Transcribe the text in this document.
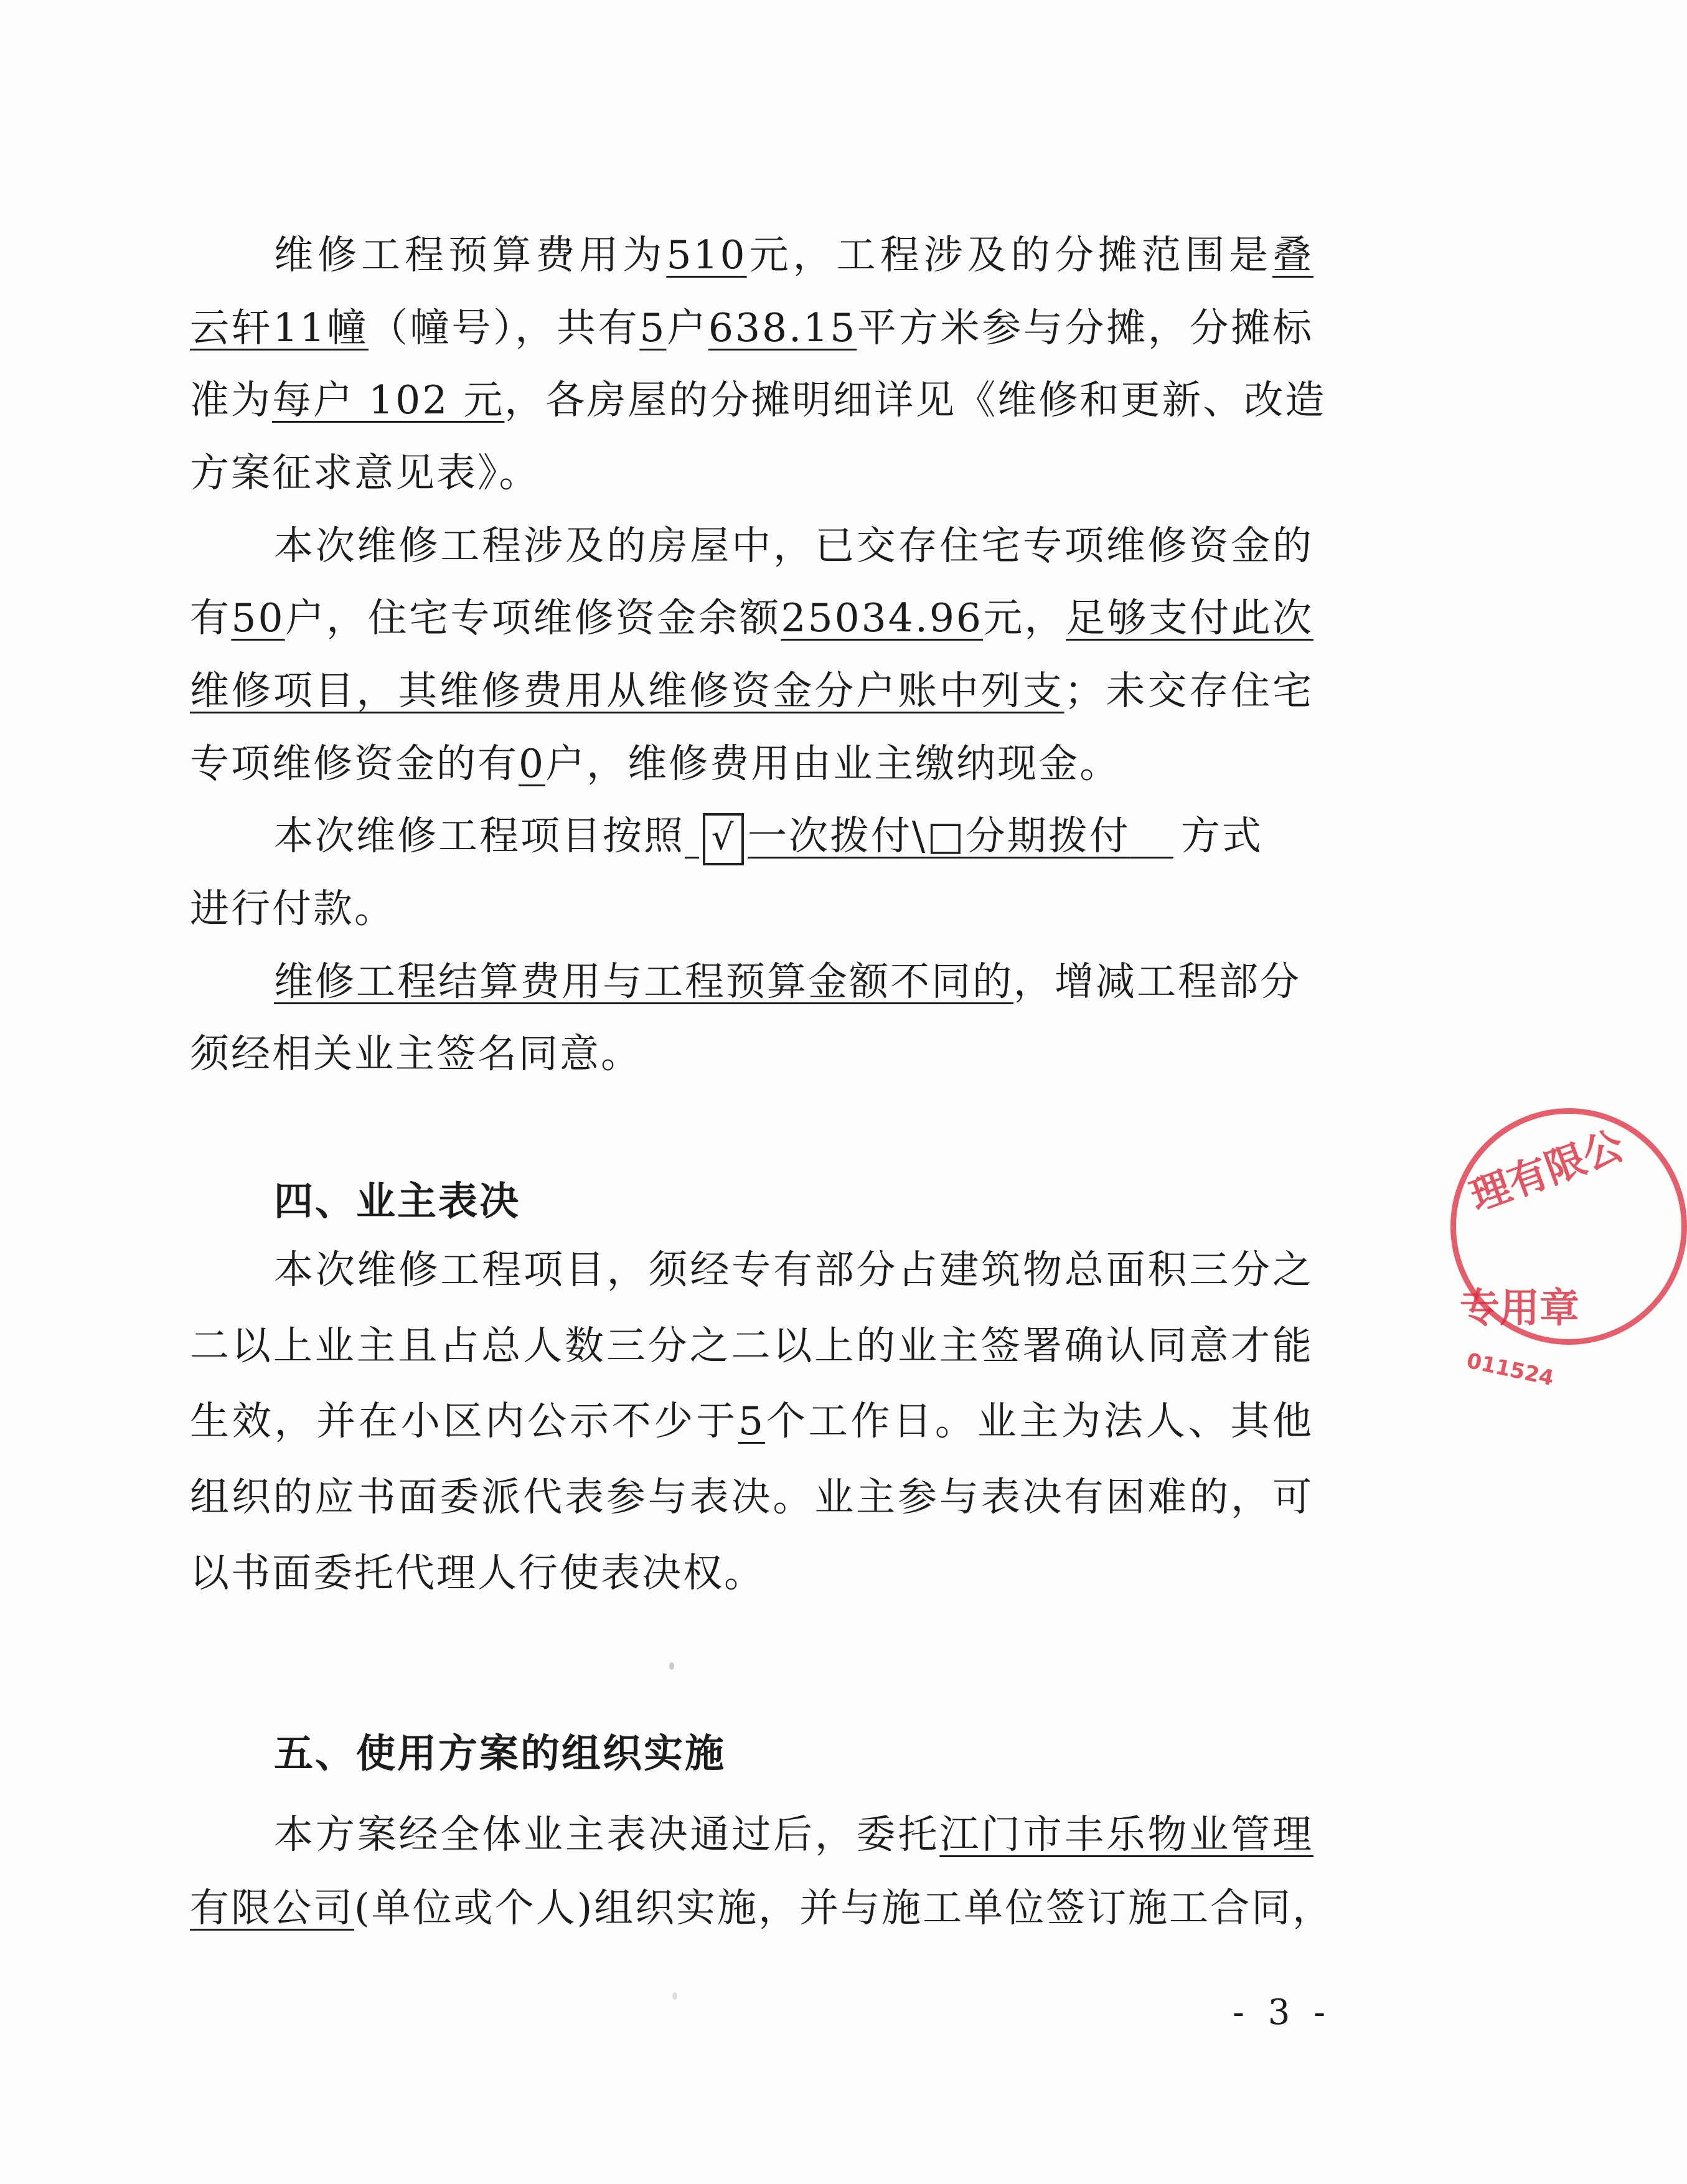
维修工程预算费用为510元，工程涉及的分摊范围是叠
云轩11幢（幢号），共有5户638.15平方米参与分摊，分摊标
准为每户 102 元，各房屋的分摊明细详见《维修和更新、改造
方案征求意见表》。
本次维修工程涉及的房屋中，已交存住宅专项维修资金的
有50户，住宅专项维修资金余额25034.96元，足够支付此次
维修项目，其维修费用从维修资金分户账中列支；未交存住宅
专项维修资金的有0户，维修费用由业主缴纳现金。
本次维修工程项目按照 √ 一次拨付\□分期拨付 方式
进行付款。
维修工程结算费用与工程预算金额不同的，增减工程部分
须经相关业主签名同意。
四、业主表决
本次维修工程项目，须经专有部分占建筑物总面积三分之
二以上业主且占总人数三分之二以上的业主签署确认同意才能
生效，并在小区内公示不少于5个工作日。业主为法人、其他
组织的应书面委派代表参与表决。业主参与表决有困难的，可
以书面委托代理人行使表决权。
五、使用方案的组织实施
本方案经全体业主表决通过后，委托江门市丰乐物业管理
有限公司(单位或个人)组织实施，并与施工单位签订施工合同，
- 3 -
理有限公
专用章
011524
